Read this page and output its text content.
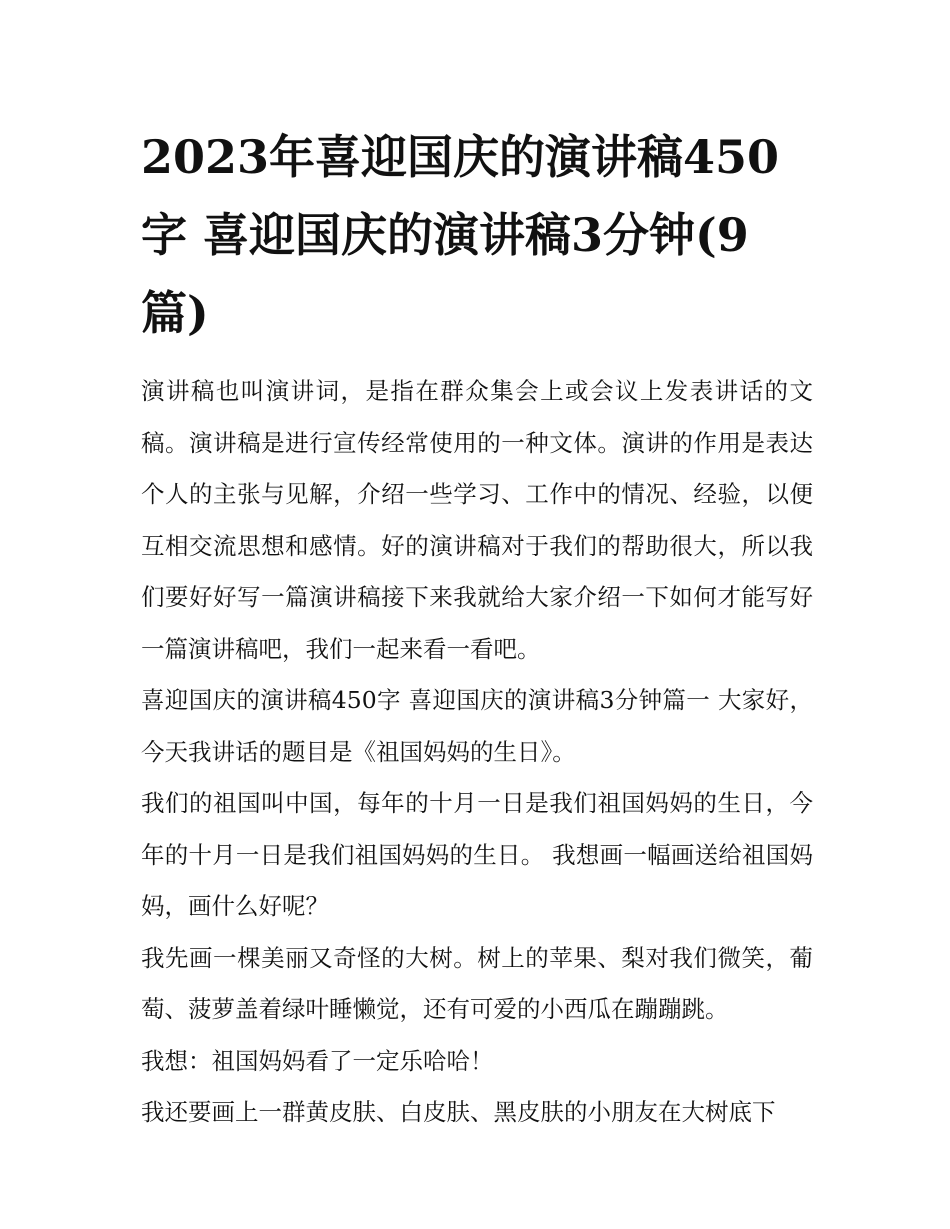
2023年喜迎国庆的演讲稿450字 喜迎国庆的演讲稿3分钟(9篇)

演讲稿也叫演讲词，是指在群众集会上或会议上发表讲话的文稿。演讲稿是进行宣传经常使用的一种文体。演讲的作用是表达个人的主张与见解，介绍一些学习、工作中的情况、经验，以便互相交流思想和感情。好的演讲稿对于我们的帮助很大，所以我们要好好写一篇演讲稿接下来我就给大家介绍一下如何才能写好一篇演讲稿吧，我们一起来看一看吧。

喜迎国庆的演讲稿450字 喜迎国庆的演讲稿3分钟篇一 大家好，今天我讲话的题目是《祖国妈妈的生日》。

我们的祖国叫中国，每年的十月一日是我们祖国妈妈的生日，今年的十月一日是我们祖国妈妈的生日。 我想画一幅画送给祖国妈妈，画什么好呢？

我先画一棵美丽又奇怪的大树。树上的苹果、梨对我们微笑，葡萄、菠萝盖着绿叶睡懒觉，还有可爱的小西瓜在蹦蹦跳。

我想：祖国妈妈看了一定乐哈哈！

我还要画上一群黄皮肤、白皮肤、黑皮肤的小朋友在大树底下
